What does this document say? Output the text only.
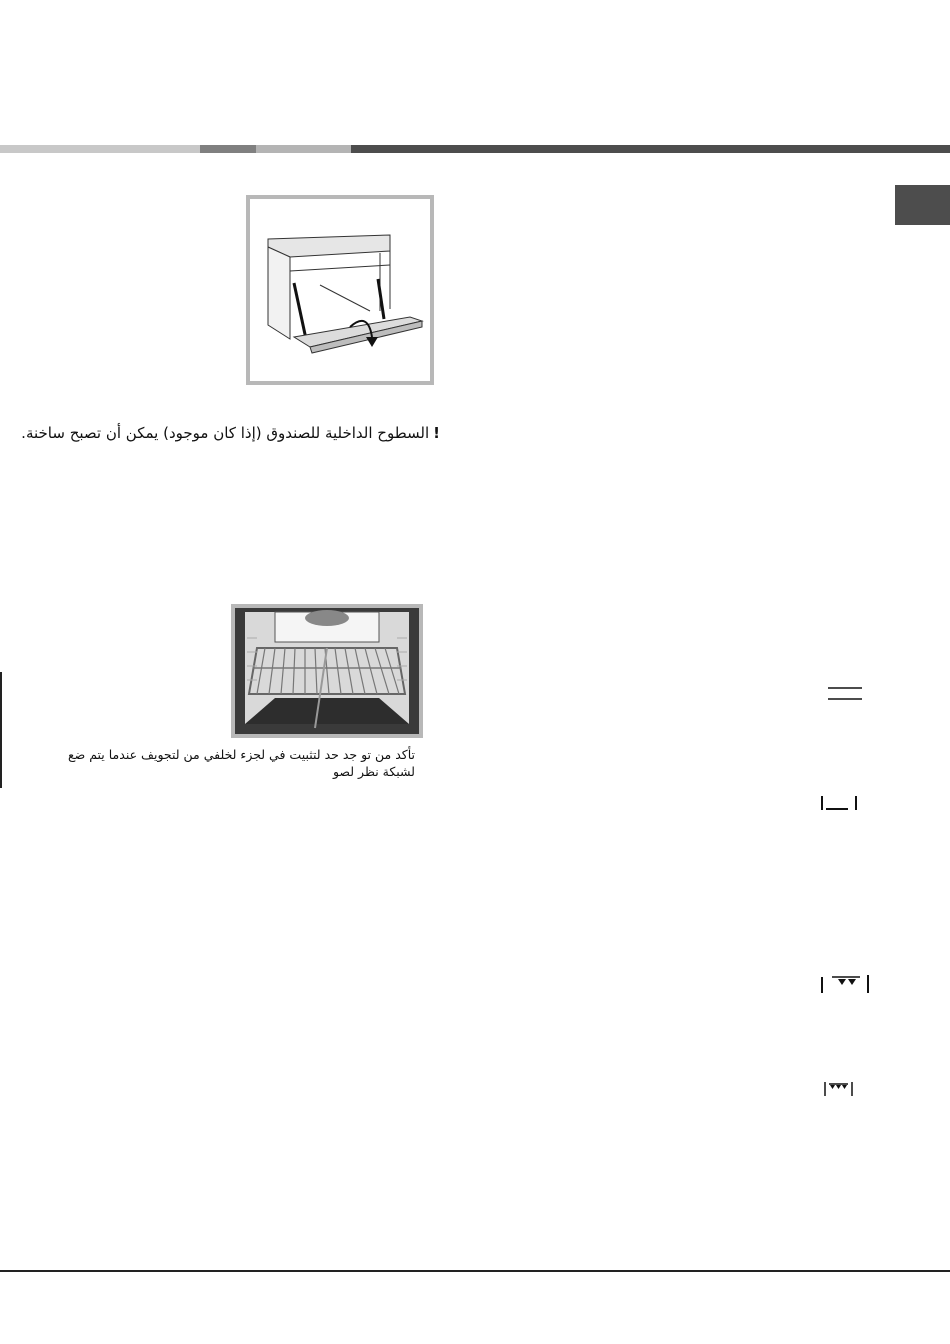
!السطوح الداخلية للصندوق (إذا كان موجود) يمكن أن تصبح ساخنة.
تأكد من تو جد حد لتثبيت في لجزء لخلفي من لتجويف عندما يتم ضع
لشبكة نظر لصو
